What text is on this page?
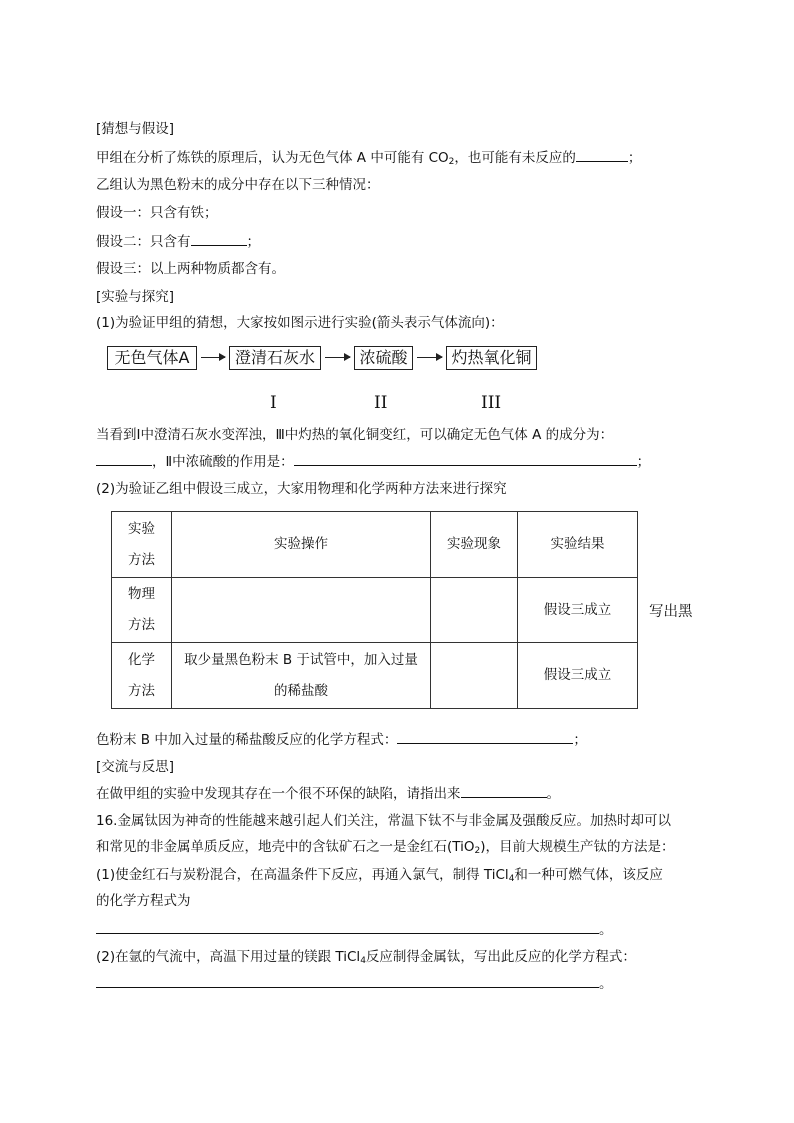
[猜想与假设]
甲组在分析了炼铁的原理后，认为无色气体 A 中可能有 $CO_2$，也可能有未反应的	；
乙组认为黑色粉末的成分中存在以下三种情况：
假设一：只含有铁；
假设二：只含有	；
假设三：以上两种物质都含有。
[实验与探究]
(1)为验证甲组的猜想，大家按如图示进行实验(箭头表示气体流向)：
无色气体A	澄清石灰水	浓硫酸	灼热氧化铜
I	II	III
当看到Ⅰ中澄清石灰水变浑浊，Ⅲ中灼热的氧化铜变红，可以确定无色气体 A 的成分为：
，Ⅱ中浓硫酸的作用是：	；
(2)为验证乙组中假设三成立，大家用物理和化学两种方法来进行探究
实验方法	实验操作	实验现象	实验结果
物理方法			假设三成立
化学方法	取少量黑色粉末 B 于试管中，加入过量
的稀盐酸		假设三成立
写出黑
色粉末 B 中加入过量的稀盐酸反应的化学方程式：	；
[交流与反思]
在做甲组的实验中发现其存在一个很不环保的缺陷，请指出来	。
16.金属钛因为神奇的性能越来越引起人们关注，常温下钛不与非金属及强酸反应。加热时却可以
和常见的非金属单质反应，地壳中的含钛矿石之一是金红石(TiO$_2$)，目前大规模生产钛的方法是：
(1)使金红石与炭粉混合，在高温条件下反应，再通入氯气，制得 TiCl$_4$和一种可燃气体，该反应
的化学方程式为
。
(2)在氩的气流中，高温下用过量的镁跟 TiCl$_4$反应制得金属钛，写出此反应的化学方程式：
。
